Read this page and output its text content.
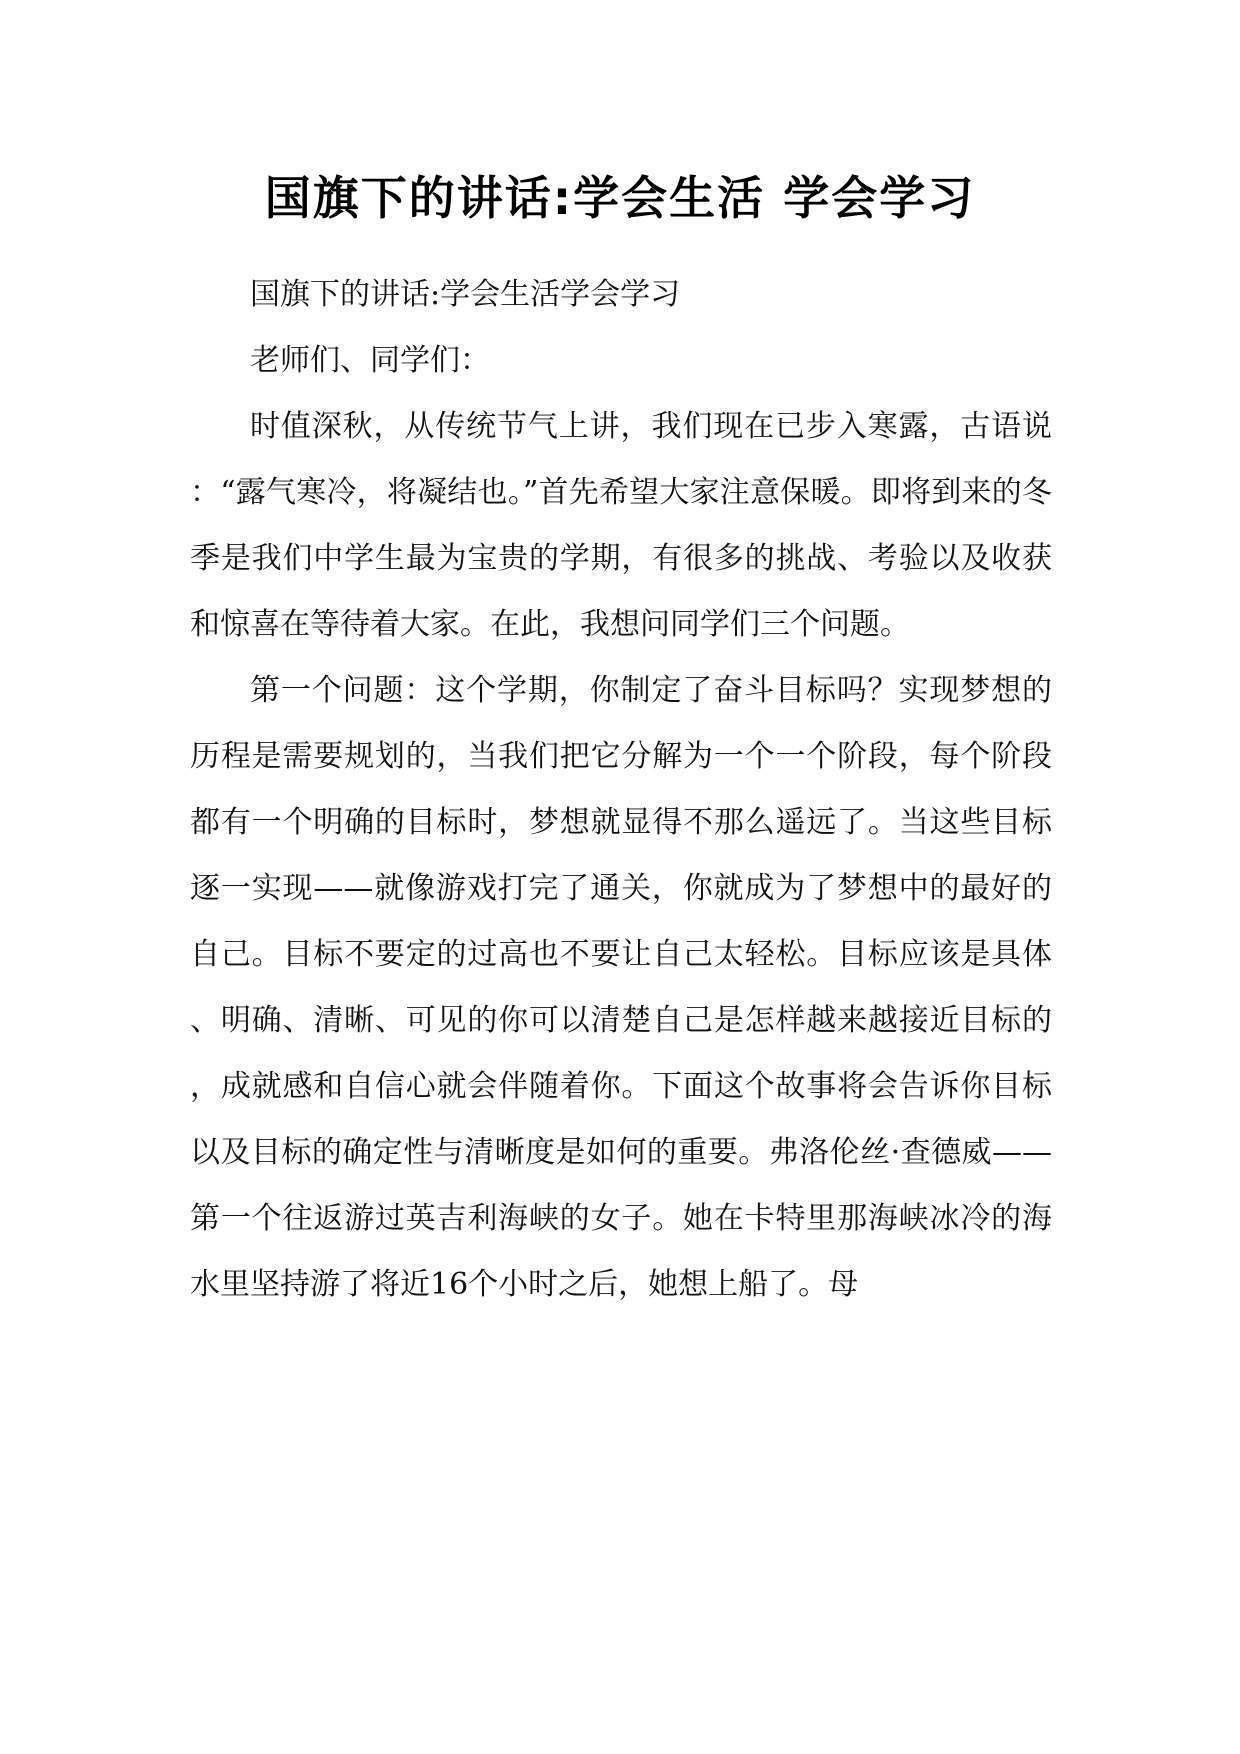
国旗下的讲话:学会生活 学会学习

国旗下的讲话:学会生活学会学习

老师们、同学们：

时值深秋，从传统节气上讲，我们现在已步入寒露，古语说：“露气寒冷，将凝结也。”首先希望大家注意保暖。即将到来的冬季是我们中学生最为宝贵的学期，有很多的挑战、考验以及收获和惊喜在等待着大家。在此，我想问同学们三个问题。

第一个问题：这个学期，你制定了奋斗目标吗？实现梦想的历程是需要规划的，当我们把它分解为一个一个阶段，每个阶段都有一个明确的目标时，梦想就显得不那么遥远了。当这些目标逐一实现——就像游戏打完了通关，你就成为了梦想中的最好的自己。目标不要定的过高也不要让自己太轻松。目标应该是具体、明确、清晰、可见的你可以清楚自己是怎样越来越接近目标的，成就感和自信心就会伴随着你。下面这个故事将会告诉你目标以及目标的确定性与清晰度是如何的重要。弗洛伦丝·查德威——第一个往返游过英吉利海峡的女子。她在卡特里那海峡冰冷的海水里坚持游了将近16个小时之后，她想上船了。母
